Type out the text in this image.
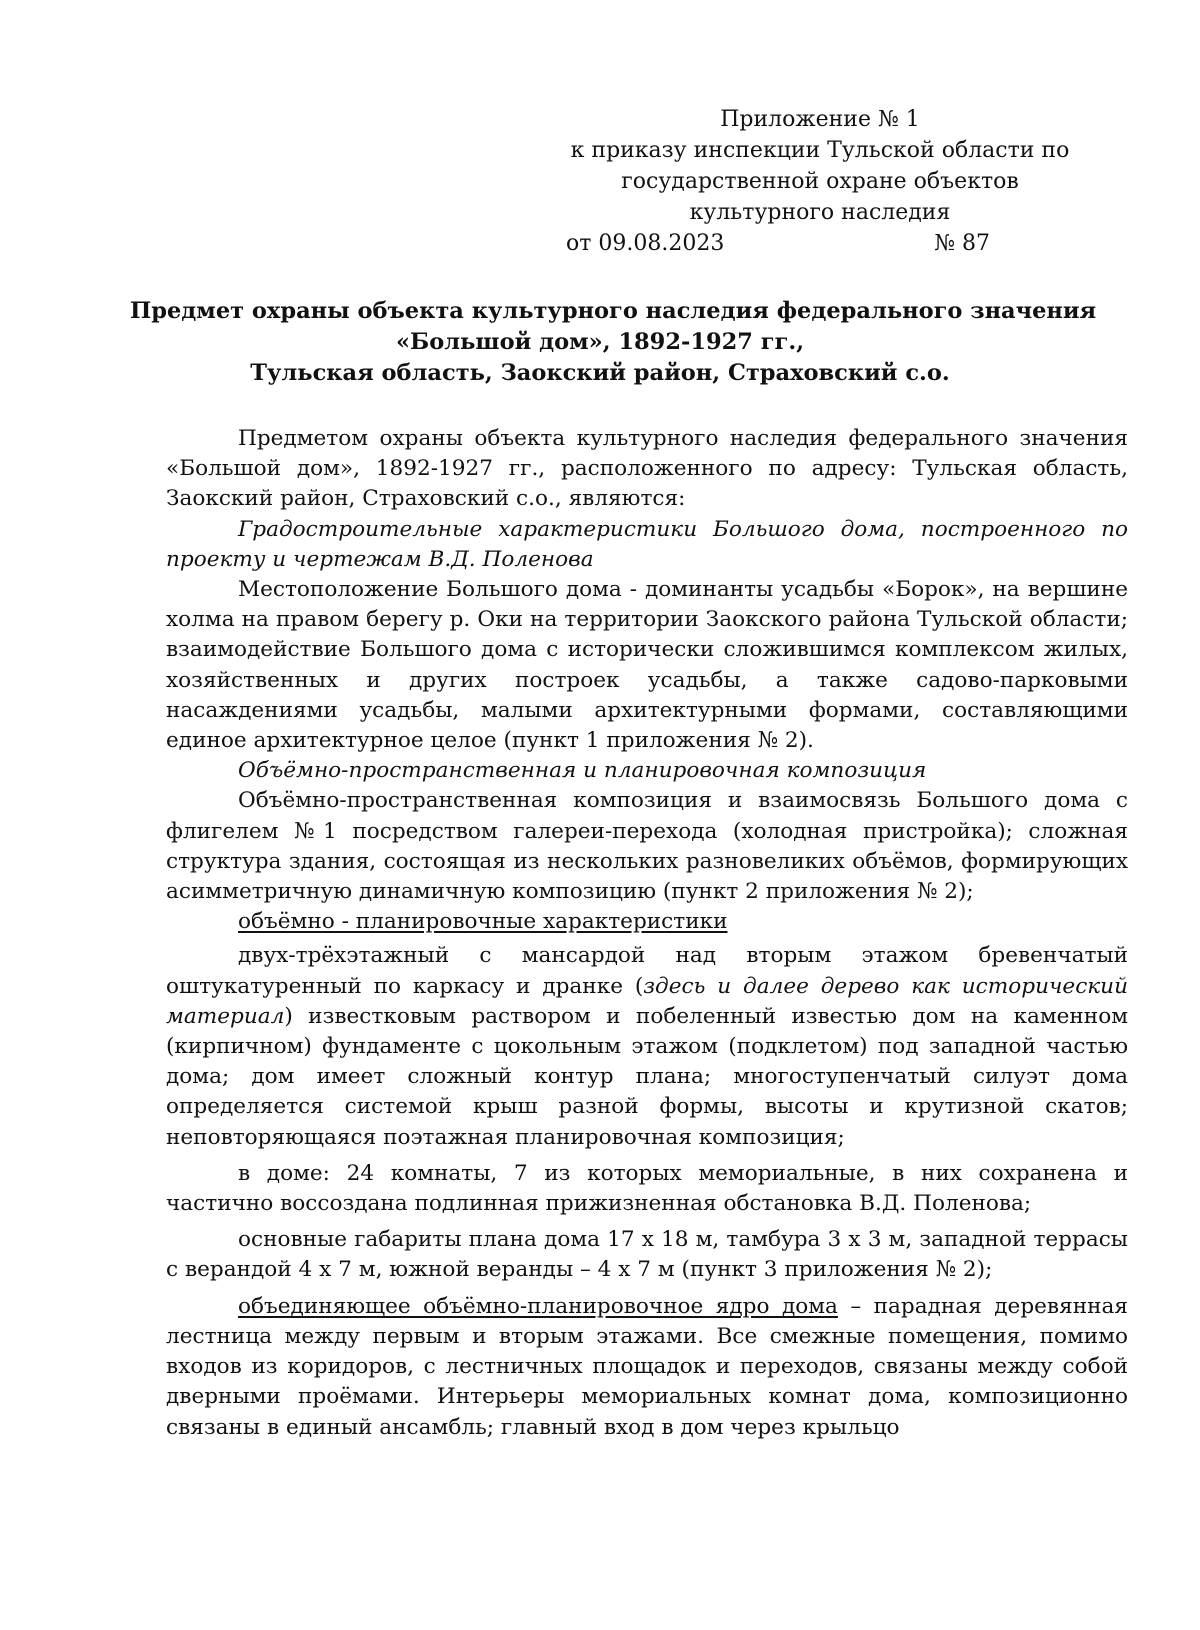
Приложение № 1
к приказу инспекции Тульской области по
государственной охране объектов
культурного наследия
от 09.08.2023	№ 87
Предмет охраны объекта культурного наследия федерального значения
«Большой дом», 1892-1927 гг.,
Тульская область, Заокский район, Страховский с.о.

Предметом охраны объекта культурного наследия федерального значения «Большой дом», 1892-1927 гг., расположенного по адресу: Тульская область, Заокский район, Страховский с.о., являются:

Градостроительные характеристики Большого дома, построенного по проекту и чертежам В.Д. Поленова

Местоположение Большого дома - доминанты усадьбы «Борок», на вершине холма на правом берегу р. Оки на территории Заокского района Тульской области; взаимодействие Большого дома с исторически сложившимся комплексом жилых, хозяйственных и других построек усадьбы, а также садово-парковыми насаждениями усадьбы, малыми архитектурными формами, составляющими единое архитектурное целое (пункт 1 приложения № 2).

Объёмно-пространственная и планировочная композиция

Объёмно-пространственная композиция и взаимосвязь Большого дома с флигелем №1 посредством галереи-перехода (холодная пристройка); сложная структура здания, состоящая из нескольких разновеликих объёмов, формирующих асимметричную динамичную композицию (пункт 2 приложения № 2);

объёмно - планировочные характеристики

двух-трёхэтажный с мансардой над вторым этажом бревенчатый оштукатуренный по каркасу и дранке (здесь и далее дерево как исторический материал) известковым раствором и побеленный известью дом на каменном (кирпичном) фундаменте с цокольным этажом (подклетом) под западной частью дома; дом имеет сложный контур плана; многоступенчатый силуэт дома определяется системой крыш разной формы, высоты и крутизной скатов; неповторяющаяся поэтажная планировочная композиция;

в доме: 24 комнаты, 7 из которых мемориальные, в них сохранена и частично воссоздана подлинная прижизненная обстановка В.Д. Поленова;

основные габариты плана дома 17 х 18 м, тамбура 3 х 3 м, западной террасы с верандой 4 х 7 м, южной веранды – 4 х 7 м (пункт 3 приложения № 2);

объединяющее объёмно-планировочное ядро дома – парадная деревянная лестница между первым и вторым этажами. Все смежные помещения, помимо входов из коридоров, с лестничных площадок и переходов, связаны между собой дверными проёмами. Интерьеры мемориальных комнат дома, композиционно связаны в единый ансамбль; главный вход в дом через крыльцо
